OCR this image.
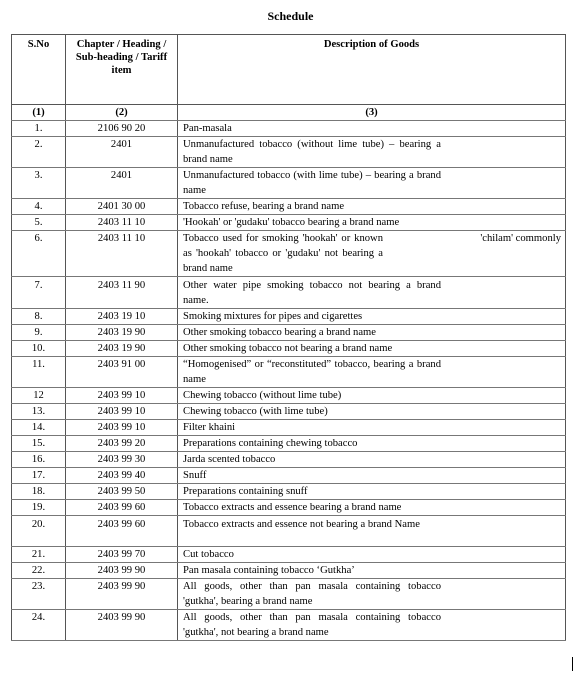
Schedule
S.No	Chapter / Heading / Sub-heading / Tariff item	Description of Goods
(1)	(2)	(3)
1.	2106 90 20	Pan-masala
2.	2401	Unmanufactured tobacco (without lime tube) – bearing a brand name

3.	2401	Unmanufactured tobacco (with lime tube) – bearing a brand name

4.	2401 30 00	Tobacco refuse, bearing a brand name
5.	2403 11 10	'Hookah' or 'gudaku' tobacco bearing a brand name
6.	2403 11 10	Tobacco used for smoking 'hookah' or known as 'hookah' tobacco or 'gudaku' not bearing a brand name
'chilam' commonly

7.	2403 11 90	Other water pipe smoking tobacco not bearing a brand name.

8.	2403 19 10	Smoking mixtures for pipes and cigarettes
9.	2403 19 90	Other smoking tobacco bearing a brand name
10.	2403 19 90	Other smoking tobacco not bearing a brand name
11.	2403 91 00	“Homogenised” or “reconstituted” tobacco, bearing a brand name

12	2403 99 10	Chewing tobacco (without lime tube)
13.	2403 99 10	Chewing tobacco (with lime tube)
14.	2403 99 10	Filter khaini
15.	2403 99 20	Preparations containing chewing tobacco
16.	2403 99 30	Jarda scented tobacco
17.	2403 99 40	Snuff
18.	2403 99 50	Preparations containing snuff
19.	2403 99 60	Tobacco extracts and essence bearing a brand name
20.	2403 99 60	Tobacco extracts and essence not bearing a brand Name

21.	2403 99 70	Cut tobacco
22.	2403 99 90	Pan masala containing tobacco ‘Gutkha’
23.	2403 99 90	All goods, other than pan masala containing tobacco 'gutkha', bearing a brand name

24.	2403 99 90	All goods, other than pan masala containing tobacco 'gutkha', not bearing a brand name
